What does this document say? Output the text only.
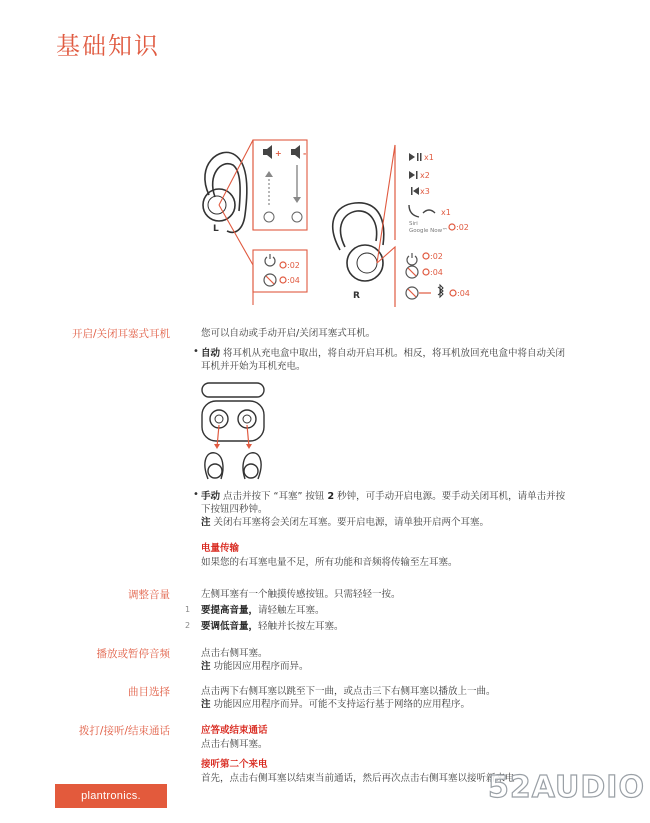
基础知识
+	-
:02
:04
x1
x2
x3
x1
:02
:02
:04
:04
Siri
Google Now™
L
R
开启/关闭耳塞式耳机	您可以自动或手动开启/关闭耳塞式耳机。
• 自动 将耳机从充电盒中取出，将自动开启耳机。相反，将耳机放回充电盒中将自动关闭
耳机并开始为耳机充电。
• 手动 点击并按下 “耳塞” 按钮 2 秒钟，可手动开启电源。要手动关闭耳机，请单击并按
下按钮四秒钟。
注 关闭右耳塞将会关闭左耳塞。要开启电源，请单独开启两个耳塞。
电量传输
如果您的右耳塞电量不足，所有功能和音频将传输至左耳塞。
调整音量	左侧耳塞有一个触摸传感按钮。只需轻轻一按。
1 要提高音量，请轻触左耳塞。
2 要调低音量，轻触并长按左耳塞。
播放或暂停音频	点击右侧耳塞。
注 功能因应用程序而异。
曲目选择	点击两下右侧耳塞以跳至下一曲，或点击三下右侧耳塞以播放上一曲。
注 功能因应用程序而异。可能不支持运行基于网络的应用程序。
拨打/接听/结束通话	应答或结束通话
点击右侧耳塞。
接听第二个来电
首先，点击右侧耳塞以结束当前通话，然后再次点击右侧耳塞以接听新来电
plantronics.	52AUDIO
